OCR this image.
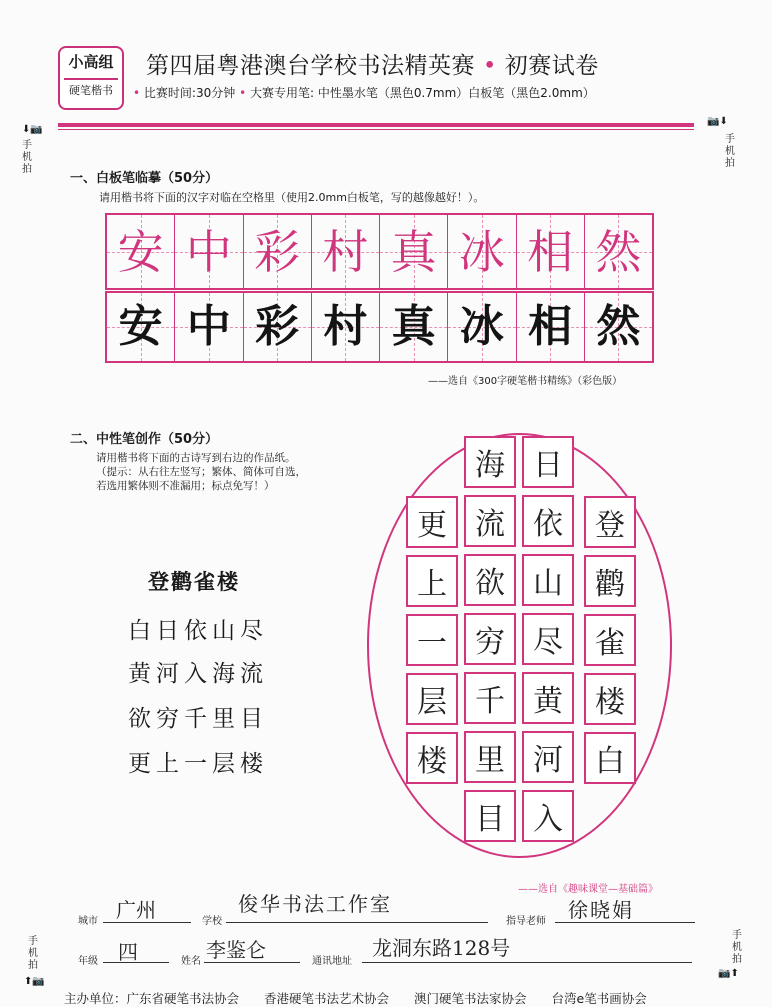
小高组
硬笔楷书
第四届粤港澳台学校书法精英赛 • 初赛试卷
• 比赛时间:30分钟 • 大赛专用笔: 中性墨水笔（黑色0.7mm）白板笔（黑色2.0mm）
⬇📷
手机拍
📷⬇
手机拍
手机拍
⬆📷
手机拍
📷⬆
一、白板笔临摹（50分）
请用楷书将下面的汉字对临在空格里（使用2.0mm白板笔，写的越像越好！）。
安 中 彩 村 真 冰 相 然
安 中 彩 村 真 冰 相 然
——选自《300字硬笔楷书精练》（彩色版）
二、中性笔创作（50分）
请用楷书将下面的古诗写到右边的作品纸。
（提示：从右往左竖写；繁体、简体可自选，
若选用繁体则不准漏用；标点免写！）
登鹳雀楼
白日依山尽
黄河入海流
欲穷千里目
更上一层楼
登
鹳
雀
楼
白
日
依
山
尽
黄
河
入
海
流
欲
穷
千
里
目
更
上
一
层
楼
——选自《趣味课堂—基础篇》
城市 广州	学校
俊华书法工作室
指导老师 徐晓娟
年级 四	姓名 李鉴仑	通讯地址
龙洞东路128号
主办单位：广东省硬笔书法协会　　香港硬笔书法艺术协会　　澳门硬笔书法家协会　　台湾e笔书画协会
